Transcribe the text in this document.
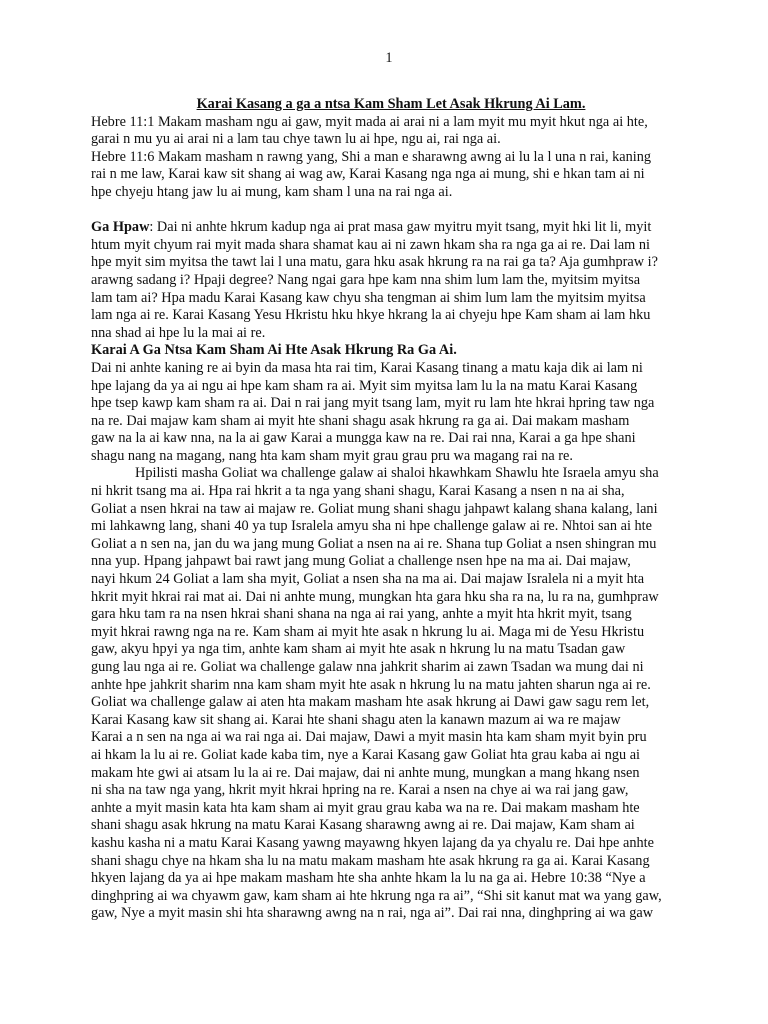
1
Karai Kasang a ga a ntsa Kam Sham Let Asak Hkrung Ai Lam.
Hebre 11:1 Makam masham ngu ai gaw, myit mada ai arai ni a lam myit mu myit hkut nga ai hte,
garai n mu yu ai arai ni a lam tau chye tawn lu ai hpe, ngu ai, rai nga ai.
Hebre 11:6 Makam masham n rawng yang, Shi a man e sharawng awng ai lu la l una n rai, kaning
rai n me law, Karai kaw sit shang ai wag aw, Karai Kasang nga nga ai mung, shi e hkan tam ai ni
hpe chyeju htang jaw lu ai mung, kam sham l una na rai nga ai.
Ga Hpaw: Dai ni anhte hkrum kadup nga ai prat masa gaw myitru myit tsang, myit hki lit li, myit
htum myit chyum rai myit mada shara shamat kau ai ni zawn hkam sha ra nga ga ai re. Dai lam ni
hpe myit sim myitsa the tawt lai l una matu, gara hku asak hkrung ra na rai ga ta? Aja gumhpraw i?
arawng sadang i? Hpaji degree? Nang ngai gara hpe kam nna shim lum lam the, myitsim myitsa
lam tam ai? Hpa madu Karai Kasang kaw chyu sha tengman ai shim lum lam the myitsim myitsa
lam nga ai re. Karai Kasang Yesu Hkristu hku hkye hkrang la ai chyeju hpe Kam sham ai lam hku
nna shad ai hpe lu la mai ai re.
Karai A Ga Ntsa Kam Sham Ai Hte Asak Hkrung Ra Ga Ai.
Dai ni anhte kaning re ai byin da masa hta rai tim, Karai Kasang tinang a matu kaja dik ai lam ni
hpe lajang da ya ai ngu ai hpe kam sham ra ai. Myit sim myitsa lam lu la na matu Karai Kasang
hpe tsep kawp kam sham ra ai. Dai n rai jang myit tsang lam, myit ru lam hte hkrai hpring taw nga
na re. Dai majaw kam sham ai myit hte shani shagu asak hkrung ra ga ai. Dai makam masham
gaw na la ai kaw nna, na la ai gaw Karai a mungga kaw na re. Dai rai nna, Karai a ga hpe shani
shagu nang na magang, nang hta kam sham myit grau grau pru wa magang rai na re.
Hpilisti masha Goliat wa challenge galaw ai shaloi hkawhkam Shawlu hte Israela amyu sha
ni hkrit tsang ma ai. Hpa rai hkrit a ta nga yang shani shagu, Karai Kasang a nsen n na ai sha,
Goliat a nsen hkrai na taw ai majaw re. Goliat mung shani shagu jahpawt kalang shana kalang, lani
mi lahkawng lang, shani 40 ya tup Isralela amyu sha ni hpe challenge galaw ai re. Nhtoi san ai hte
Goliat a n sen na, jan du wa jang mung Goliat a nsen na ai re. Shana tup Goliat a nsen shingran mu
nna yup. Hpang jahpawt bai rawt jang mung Goliat a challenge nsen hpe na ma ai. Dai majaw,
nayi hkum 24 Goliat a lam sha myit, Goliat a nsen sha na ma ai. Dai majaw Isralela ni a myit hta
hkrit myit hkrai rai mat ai. Dai ni anhte mung, mungkan hta gara hku sha ra na, lu ra na, gumhpraw
gara hku tam ra na nsen hkrai shani shana na nga ai rai yang, anhte a myit hta hkrit myit, tsang
myit hkrai rawng nga na re. Kam sham ai myit hte asak n hkrung lu ai. Maga mi de Yesu Hkristu
gaw, akyu hpyi ya nga tim, anhte kam sham ai myit hte asak n hkrung lu na matu Tsadan gaw
gung lau nga ai re. Goliat wa challenge galaw nna jahkrit sharim ai zawn Tsadan wa mung dai ni
anhte hpe jahkrit sharim nna kam sham myit hte asak n hkrung lu na matu jahten sharun nga ai re.
Goliat wa challenge galaw ai aten hta makam masham hte asak hkrung ai Dawi gaw sagu rem let,
Karai Kasang kaw sit shang ai. Karai hte shani shagu aten la kanawn mazum ai wa re majaw
Karai a n sen na nga ai wa rai nga ai. Dai majaw, Dawi a myit masin hta kam sham myit byin pru
ai hkam la lu ai re. Goliat kade kaba tim, nye a Karai Kasang gaw Goliat hta grau kaba ai ngu ai
makam hte gwi ai atsam lu la ai re. Dai majaw, dai ni anhte mung, mungkan a mang hkang nsen
ni sha na taw nga yang, hkrit myit hkrai hpring na re. Karai a nsen na chye ai wa rai jang gaw,
anhte a myit masin kata hta kam sham ai myit grau grau kaba wa na re. Dai makam masham hte
shani shagu asak hkrung na matu Karai Kasang sharawng awng ai re. Dai majaw, Kam sham ai
kashu kasha ni a matu Karai Kasang yawng mayawng hkyen lajang da ya chyalu re. Dai hpe anhte
shani shagu chye na hkam sha lu na matu makam masham hte asak hkrung ra ga ai. Karai Kasang
hkyen lajang da ya ai hpe makam masham hte sha anhte hkam la lu na ga ai. Hebre 10:38 “Nye a
dinghpring ai wa chyawm gaw, kam sham ai hte hkrung nga ra ai”, “Shi sit kanut mat wa yang gaw,
gaw, Nye a myit masin shi hta sharawng awng na n rai, nga ai”. Dai rai nna, dinghpring ai wa gaw
